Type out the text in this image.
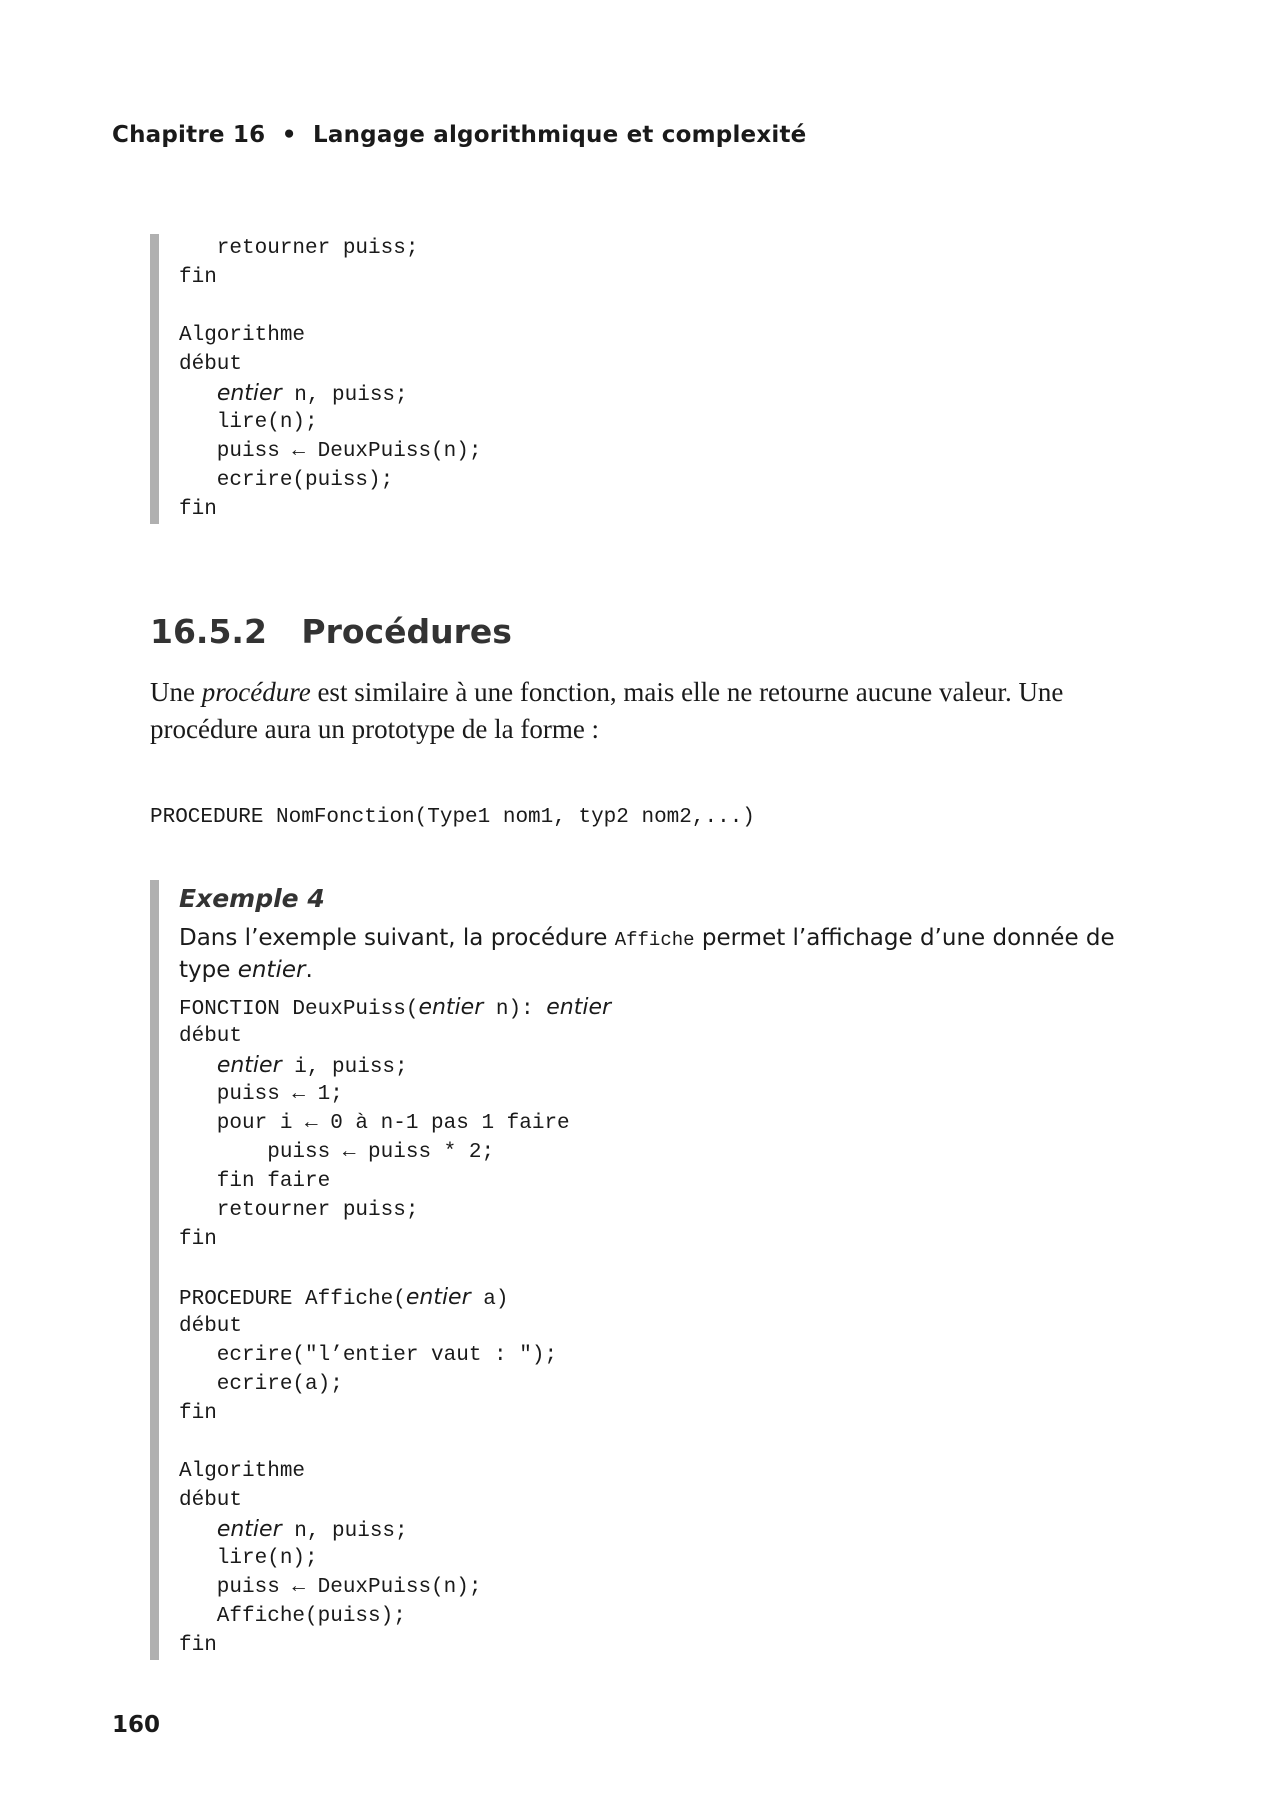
Chapitre 16 • Langage algorithmique et complexité
retourner puiss;
fin
Algorithme
début
entier n, puiss;
lire(n);
puiss ← DeuxPuiss(n);
ecrire(puiss);
fin
16.5.2 Procédures
Une procédure est similaire à une fonction, mais elle ne retourne aucune valeur. Une procédure aura un prototype de la forme :
PROCEDURE NomFonction(Type1 nom1, typ2 nom2,...)
Exemple 4
Dans l’exemple suivant, la procédure Affiche permet l’affichage d’une donnée de type entier.
FONCTION DeuxPuiss(entier n): entier
début
entier i, puiss;
puiss ← 1;
pour i ← 0 à n-1 pas 1 faire
puiss ← puiss * 2;
fin faire
retourner puiss;
fin
PROCEDURE Affiche(entier a)
début
ecrire("l’entier vaut : ");
ecrire(a);
fin
Algorithme
début
entier n, puiss;
lire(n);
puiss ← DeuxPuiss(n);
Affiche(puiss);
fin
160
